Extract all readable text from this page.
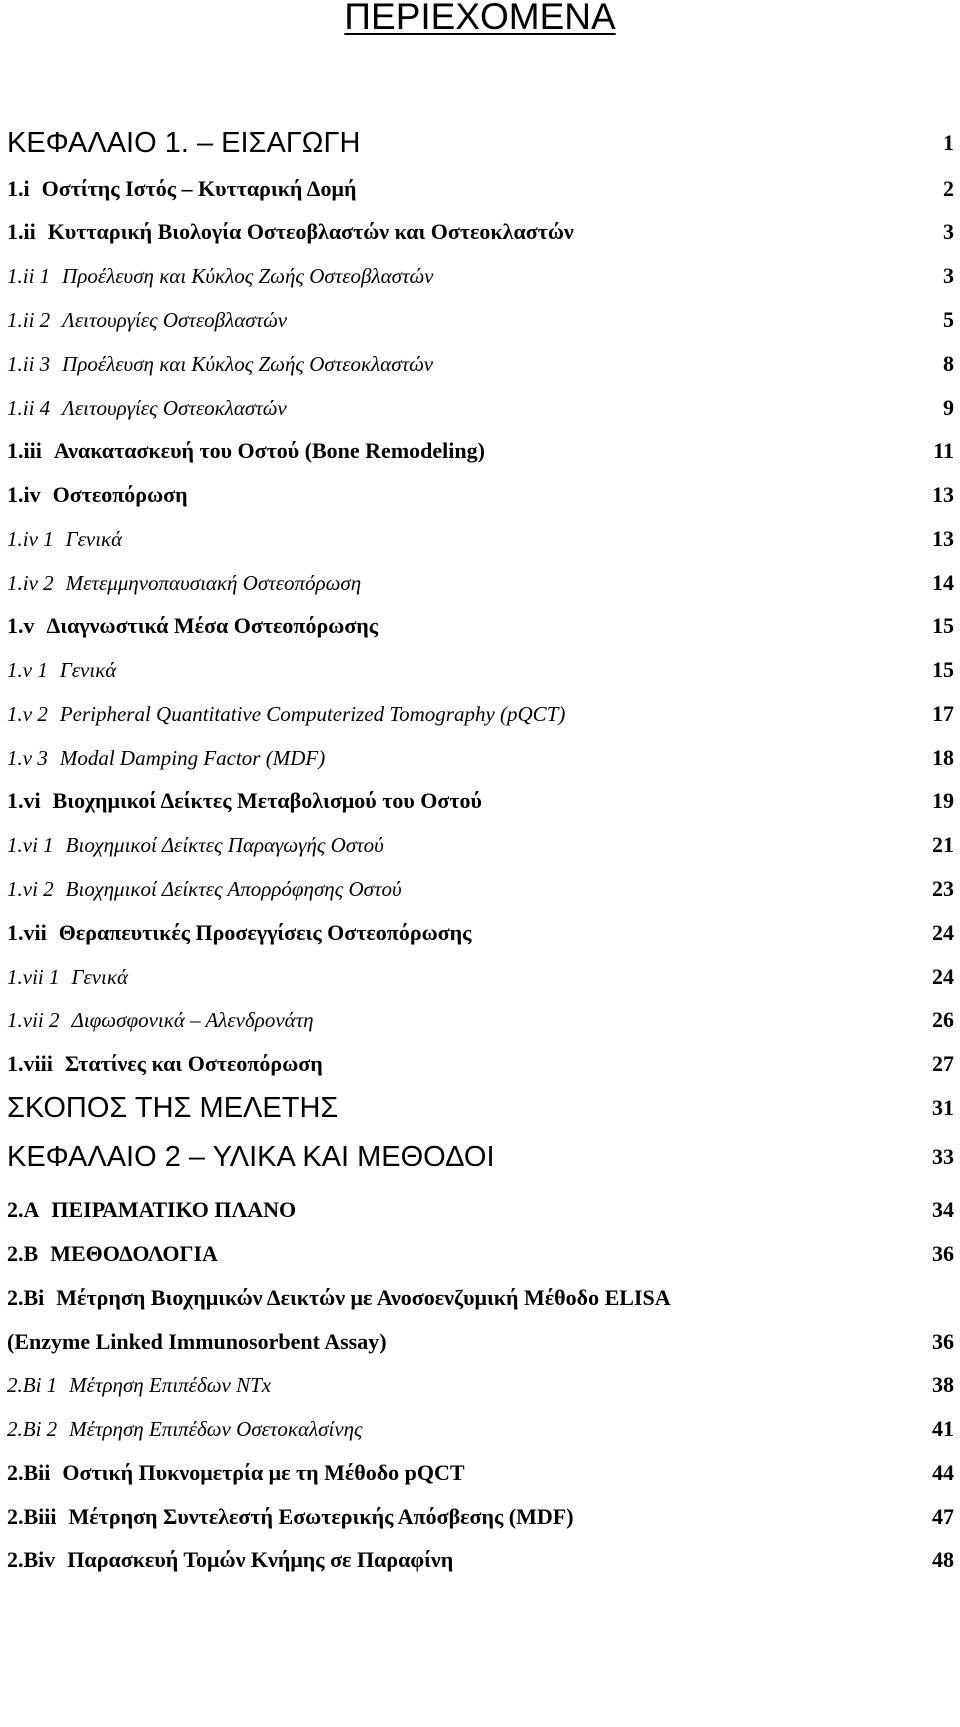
ΠΕΡΙΕΧΟΜΕΝΑ
ΚΕΦΑΛΑΙΟ 1. – ΕΙΣΑΓΩΓΗ	1
1.i Οστίτης Ιστός – Κυτταρική Δομή	2
1.ii Κυτταρική Βιολογία Οστεοβλαστών και Οστεοκλαστών	3
1.ii 1 Προέλευση και Κύκλος Ζωής Οστεοβλαστών	3
1.ii 2 Λειτουργίες Οστεοβλαστών	5
1.ii 3 Προέλευση και Κύκλος Ζωής Οστεοκλαστών	8
1.ii 4 Λειτουργίες Οστεοκλαστών	9
1.iii Ανακατασκευή του Οστού (Bone Remodeling)	11
1.iv Οστεοπόρωση	13
1.iv 1 Γενικά	13
1.iv 2 Μετεμμηνοπαυσιακή Οστεοπόρωση	14
1.v Διαγνωστικά Μέσα Οστεοπόρωσης	15
1.v 1 Γενικά	15
1.v 2 Peripheral Quantitative Computerized Tomography (pQCT)	17
1.v 3 Modal Damping Factor (MDF)	18
1.vi Βιοχημικοί Δείκτες Μεταβολισμού του Οστού	19
1.vi 1 Βιοχημικοί Δείκτες Παραγωγής Οστού	21
1.vi 2 Βιοχημικοί Δείκτες Απορρόφησης Οστού	23
1.vii Θεραπευτικές Προσεγγίσεις Οστεοπόρωσης	24
1.vii 1 Γενικά	24
1.vii 2 Διφωσφονικά – Αλενδρονάτη	26
1.viii Στατίνες και Οστεοπόρωση	27
ΣΚΟΠΟΣ ΤΗΣ ΜΕΛΕΤΗΣ	31
ΚΕΦΑΛΑΙΟ 2 – ΥΛΙΚΑ ΚΑΙ ΜΕΘΟΔΟΙ	33
2.A ΠΕΙΡΑΜΑΤΙΚΟ ΠΛΑΝΟ	34
2.B ΜΕΘΟΔΟΛΟΓΙΑ	36
2.Bi Μέτρηση Βιοχημικών Δεικτών με Ανοσοενζυμική Μέθοδο ELISA
(Enzyme Linked Immunosorbent Assay)	36
2.Bi 1 Μέτρηση Επιπέδων NTx	38
2.Bi 2 Μέτρηση Επιπέδων Οσετοκαλσίνης	41
2.Bii Οστική Πυκνομετρία με τη Μέθοδο pQCT	44
2.Biii Μέτρηση Συντελεστή Εσωτερικής Απόσβεσης (MDF)	47
2.Biv Παρασκευή Τομών Κνήμης σε Παραφίνη	48
